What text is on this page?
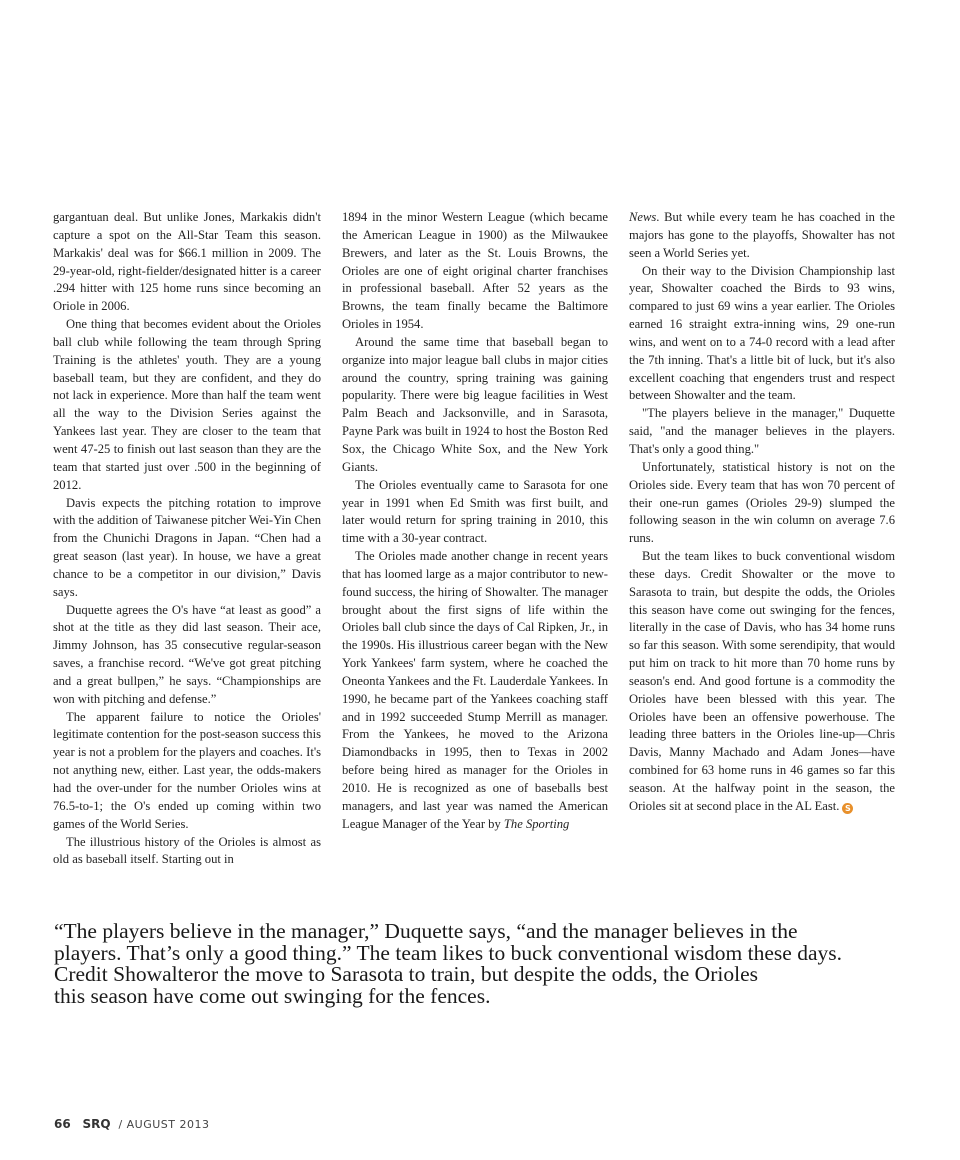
gargantuan deal. But unlike Jones, Markakis didn't capture a spot on the All-Star Team this season. Markakis' deal was for $66.1 million in 2009. The 29-year-old, right-fielder/designated hitter is a career .294 hitter with 125 home runs since becoming an Oriole in 2006.

One thing that becomes evident about the Orioles ball club while following the team through Spring Training is the athletes' youth. They are a young baseball team, but they are confident, and they do not lack in experience. More than half the team went all the way to the Division Series against the Yankees last year. They are closer to the team that went 47-25 to finish out last season than they are the team that started just over .500 in the beginning of 2012.

Davis expects the pitching rotation to improve with the addition of Taiwanese pitcher Wei-Yin Chen from the Chunichi Dragons in Japan. “Chen had a great season (last year). In house, we have a great chance to be a competitor in our division,” Davis says.

Duquette agrees the O's have “at least as good” a shot at the title as they did last season. Their ace, Jimmy Johnson, has 35 consecutive regular-season saves, a franchise record. “We've got great pitching and a great bullpen,” he says. “Championships are won with pitching and defense.”

The apparent failure to notice the Orioles' legitimate contention for the post-season success this year is not a problem for the players and coaches. It's not anything new, either. Last year, the odds-makers had the over-under for the number Orioles wins at 76.5-to-1; the O's ended up coming within two games of the World Series.

The illustrious history of the Orioles is almost as old as baseball itself. Starting out in

1894 in the minor Western League (which became the American League in 1900) as the Milwaukee Brewers, and later as the St. Louis Browns, the Orioles are one of eight original charter franchises in professional baseball. After 52 years as the Browns, the team finally became the Baltimore Orioles in 1954.

Around the same time that baseball began to organize into major league ball clubs in major cities around the country, spring training was gaining popularity. There were big league facilities in West Palm Beach and Jacksonville, and in Sarasota, Payne Park was built in 1924 to host the Boston Red Sox, the Chicago White Sox, and the New York Giants.

The Orioles eventually came to Sarasota for one year in 1991 when Ed Smith was first built, and later would return for spring training in 2010, this time with a 30-year contract.

The Orioles made another change in recent years that has loomed large as a major contributor to new-found success, the hiring of Showalter. The manager brought about the first signs of life within the Orioles ball club since the days of Cal Ripken, Jr., in the 1990s. His illustrious career began with the New York Yankees' farm system, where he coached the Oneonta Yankees and the Ft. Lauderdale Yankees. In 1990, he became part of the Yankees coaching staff and in 1992 succeeded Stump Merrill as manager. From the Yankees, he moved to the Arizona Diamondbacks in 1995, then to Texas in 2002 before being hired as manager for the Orioles in 2010. He is recognized as one of baseballs best managers, and last year was named the American League Manager of the Year by The Sporting

News. But while every team he has coached in the majors has gone to the playoffs, Showalter has not seen a World Series yet.

On their way to the Division Championship last year, Showalter coached the Birds to 93 wins, compared to just 69 wins a year earlier. The Orioles earned 16 straight extra-inning wins, 29 one-run wins, and went on to a 74-0 record with a lead after the 7th inning. That's a little bit of luck, but it's also excellent coaching that engenders trust and respect between Showalter and the team.

"The players believe in the manager," Duquette said, "and the manager believes in the players. That's only a good thing."

Unfortunately, statistical history is not on the Orioles side. Every team that has won 70 percent of their one-run games (Orioles 29-9) slumped the following season in the win column on average 7.6 runs.

But the team likes to buck conventional wisdom these days. Credit Showalter or the move to Sarasota to train, but despite the odds, the Orioles this season have come out swinging for the fences, literally in the case of Davis, who has 34 home runs so far this season. With some serendipity, that would put him on track to hit more than 70 home runs by season's end. And good fortune is a commodity the Orioles have been blessed with this year. The Orioles have been an offensive powerhouse. The leading three batters in the Orioles line-up—Chris Davis, Manny Machado and Adam Jones—have combined for 63 home runs in 46 games so far this season. At the halfway point in the season, the Orioles sit at second place in the AL East. S

“The players believe in the manager,” Duquette says, “and the manager believes in the
players. That’s only a good thing.” The team likes to buck conventional wisdom these days.
Credit Showalteror the move to Sarasota to train, but despite the odds, the Orioles
this season have come out swinging for the fences.
66 SRQ / AUGUST 2013
